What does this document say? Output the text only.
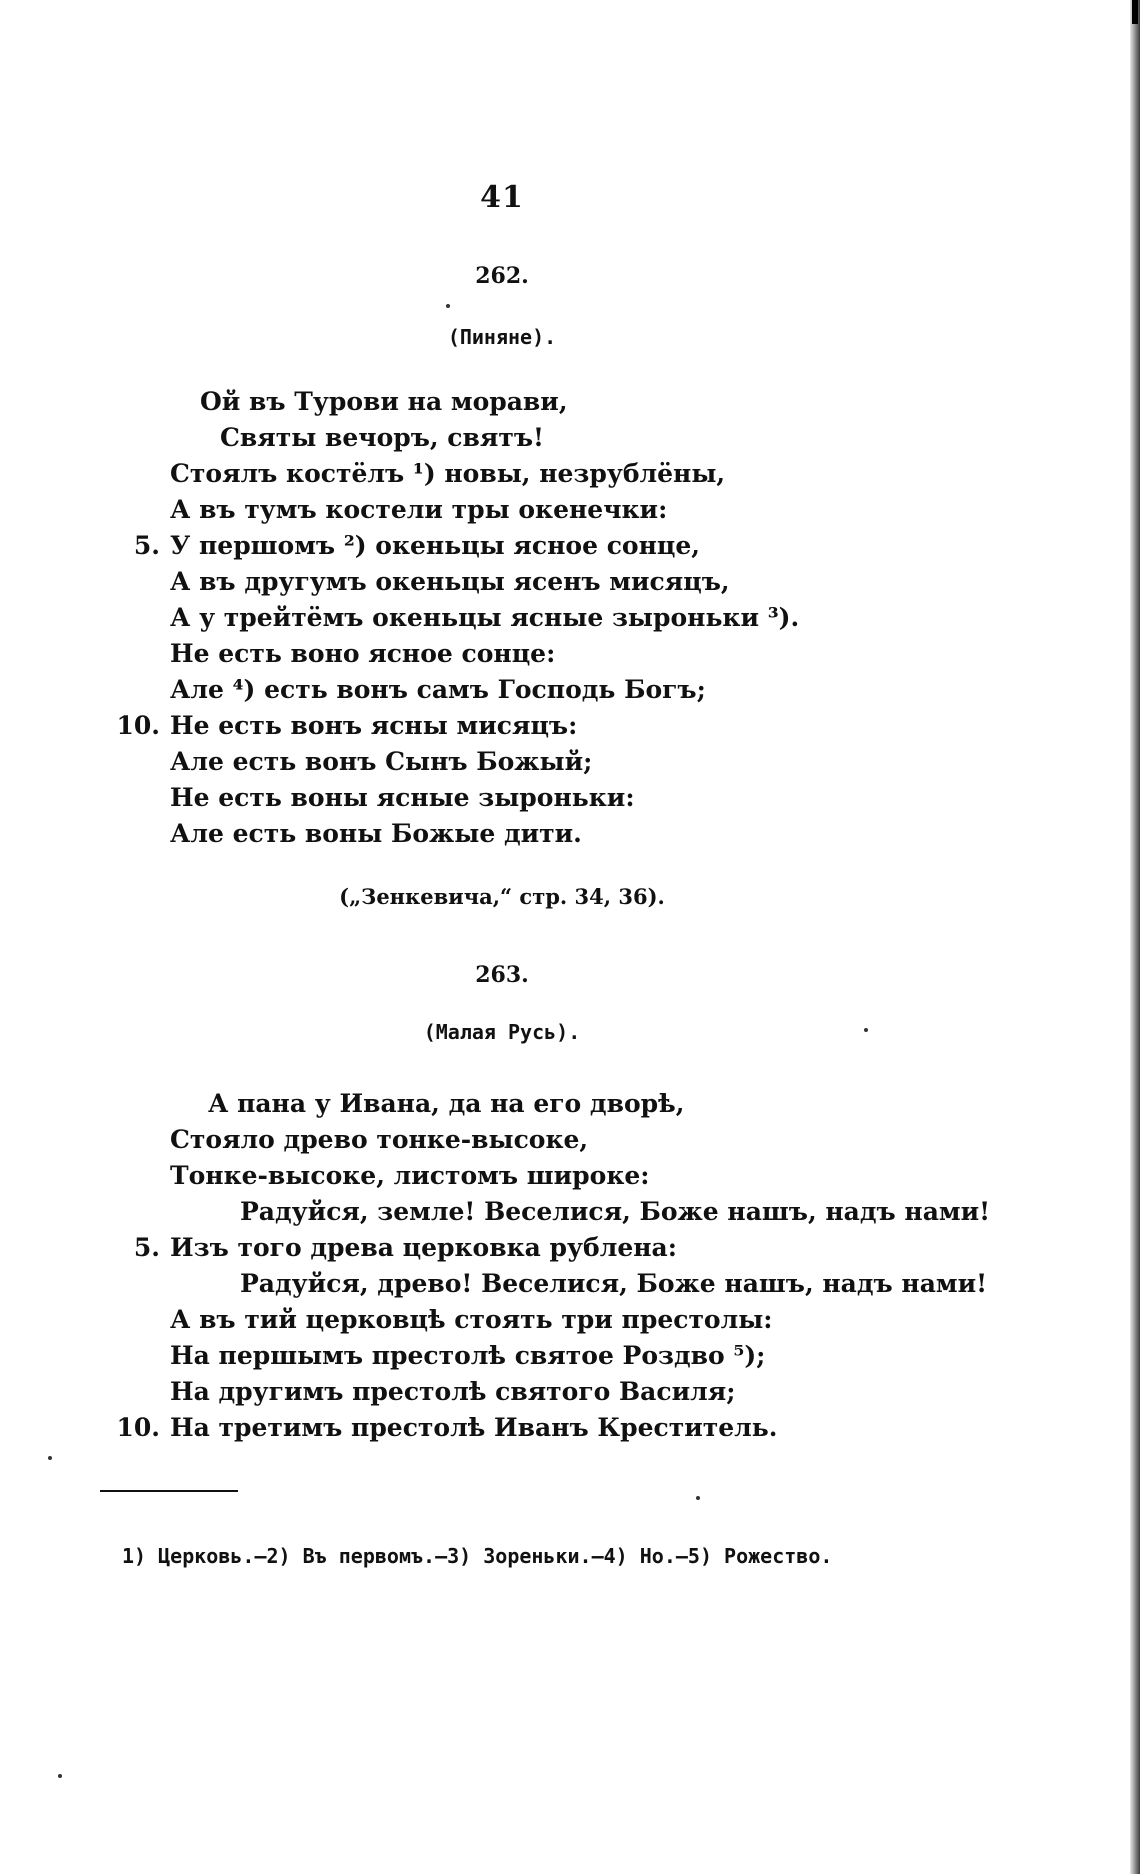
41
262.
(Пиняне).
Ой въ Турови на морави,
Святы вечоръ, святъ!
Стоялъ костёлъ ¹) новы, незрублёны,
А въ тумъ костели тры окенечки:
5. У першомъ ²) океньцы ясное сонце,
А въ другумъ океньцы ясенъ мисяцъ,
А у трейтёмъ океньцы ясные зыроньки ³).
Не есть воно ясное сонце:
Але ⁴) есть вонъ самъ Господь Богъ;
10. Не есть вонъ ясны мисяцъ:
Але есть вонъ Сынъ Божый;
Не есть воны ясные зыроньки:
Але есть воны Божые дити.
(„Зенкевича,“ стр. 34, 36).
263.
(Малая Русь).
А пана у Ивана, да на его дворѣ,
Стояло древо тонке-высоке,
Тонке-высоке, листомъ широке:
Радуйся, земле! Веселися, Боже нашъ, надъ нами!
5. Изъ того древа церковка рублена:
Радуйся, древо! Веселися, Боже нашъ, надъ нами!
А въ тий церковцѣ стоять три престолы:
На першымъ престолѣ святое Роздво ⁵);
На другимъ престолѣ святого Василя;
10. На третимъ престолѣ Иванъ Креститель.
1) Церковь.—2) Въ первомъ.—3) Зореньки.—4) Но.—5) Рожество.
